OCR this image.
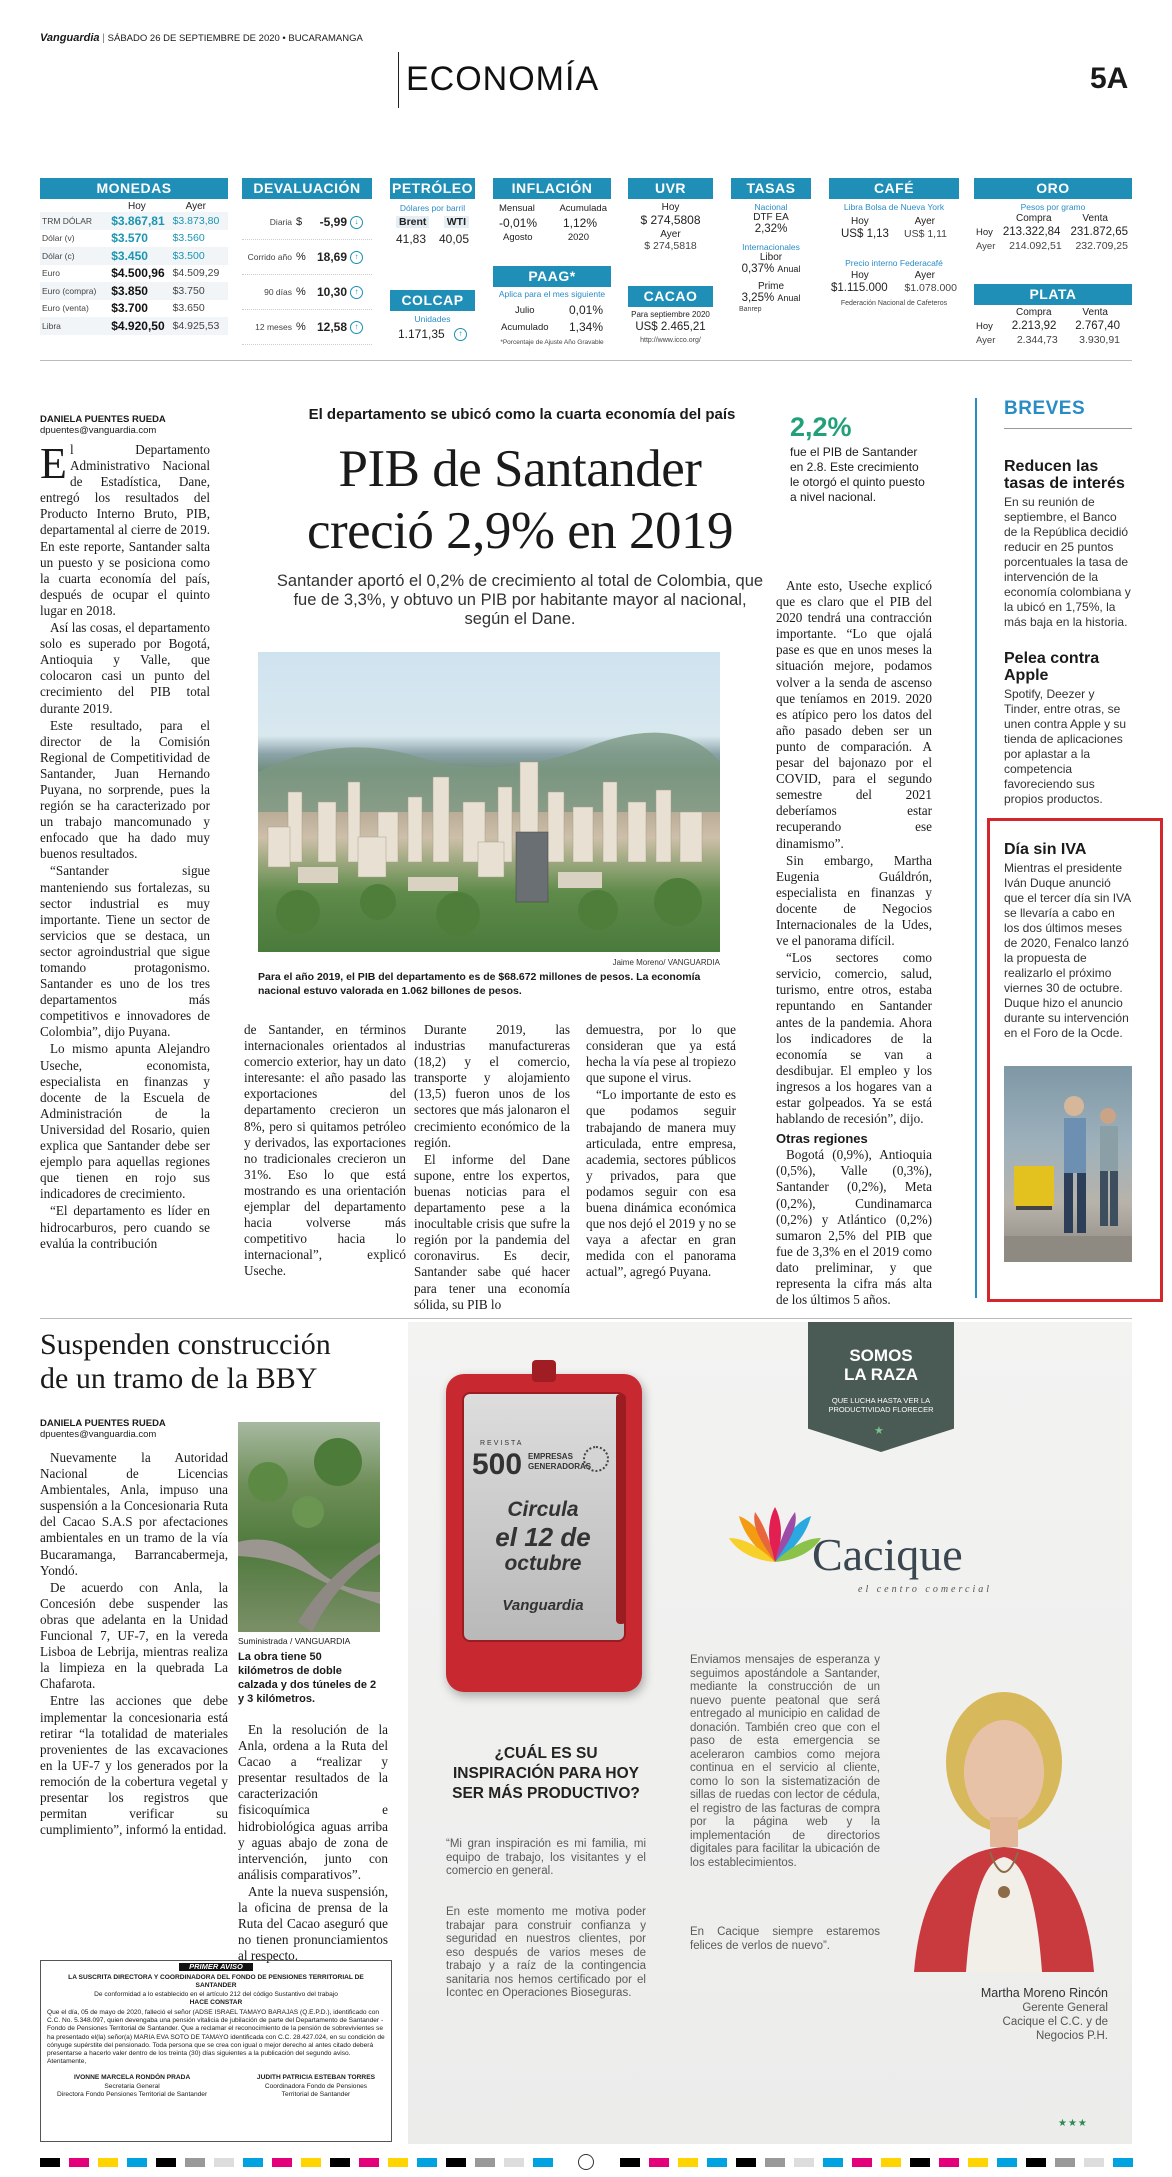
Vanguardia | SÁBADO 26 DE SEPTIEMBRE DE 2020 • BUCARAMANGA
ECONOMÍA	5A
MONEDAS
Hoy	Ayer
TRM DÓLAR	$3.867,81 $3.873,80
Dólar (v)	$3.570	$3.560
Dólar (c)	$3.450	$3.500
Euro	$4.500,96 $4.509,29
Euro (compra)	$3.850	$3.750
Euro (venta)	$3.700	$3.650
Libra	$4.920,50 $4.925,53
DEVALUACIÓN
Diaria $	-5,99 ↓
Corrido año % 18,69 ↑
90 días % 10,30 ↑
12 meses % 12,58 ↑
PETRÓLEO
Dólares por barril
Brent WTI
41,83 40,05
COLCAP
Unidades
1.171,35 ↑
INFLACIÓN
Mensual	Acumulada
-0,01% 1,12%
Agosto	2020
PAAG*
Aplica para el mes siguiente
Julio	0,01%
Acumulado 1,34%
*Porcentaje de Ajuste Año Gravable
UVR
Hoy
$ 274,5808
Ayer
$ 274,5818
CACAO
Para septiembre 2020
US$ 2.465,21
http://www.icco.org/
TASAS
Nacional
DTF EA
2,32%
Internacionales
Libor
0,37% Anual
Prime
3,25% Anual
Banrep
CAFÉ
Libra Bolsa de Nueva York
Hoy	Ayer
US$ 1,13 US$ 1,11
Precio interno Federacafé
Hoy	Ayer
$1.115.000 $1.078.000
Federación Nacional de Cafeteros
ORO
Pesos por gramo
Compra	Venta
Hoy 213.322,84 231.872,65
Ayer 214.092,51 232.709,25
PLATA
Compra	Venta
Hoy 2.213,92 2.767,40
Ayer 2.344,73 3.930,91
DANIELA PUENTES RUEDA
dpuentes@vanguardia.com
El departamento se ubicó como la cuarta economía del país
PIB de Santander
creció 2,9% en 2019
Santander aportó el 0,2% de crecimiento al total de Colombia, que fue de 3,3%, y obtuvo un PIB por habitante mayor al nacional, según el Dane.
2,2%
fue el PIB de Santander en 2.8. Este crecimiento le otorgó el quinto puesto a nivel nacional.
Jaime Moreno/ VANGUARDIA
Para el año 2019, el PIB del departamento es de $68.672 millones de pesos. La economía nacional estuvo valorada en 1.062 billones de pesos.
E l Departamento Administrativo Nacional de Estadística, Dane, entregó los resultados del Producto Interno Bruto, PIB, departamental al cierre de 2019. En este reporte, Santander salta un puesto y se posiciona como la cuarta economía del país, después de ocupar el quinto lugar en 2018.

Así las cosas, el departamento solo es superado por Bogotá, Antioquia y Valle, que colocaron casi un punto del crecimiento del PIB total durante 2019.

Este resultado, para el director de la Comisión Regional de Competitividad de Santander, Juan Hernando Puyana, no sorprende, pues la región se ha caracterizado por un trabajo mancomunado y enfocado que ha dado muy buenos resultados.

“Santander sigue manteniendo sus fortalezas, su sector industrial es muy importante. Tiene un sector de servicios que se destaca, un sector agroindustrial que sigue tomando protagonismo. Santander es uno de los tres departamentos más competitivos e innovadores de Colombia”, dijo Puyana.

Lo mismo apunta Alejandro Useche, economista, especialista en finanzas y docente de la Escuela de Administración de la Universidad del Rosario, quien explica que Santander debe ser ejemplo para aquellas regiones que tienen en rojo sus indicadores de crecimiento.

“El departamento es líder en hidrocarburos, pero cuando se evalúa la contribución

de Santander, en términos internacionales orientados al comercio exterior, hay un dato interesante: el año pasado las exportaciones del departamento crecieron un 8%, pero si quitamos petróleo y derivados, las exportaciones no tradicionales crecieron un 31%. Eso lo que está mostrando es una orientación ejemplar del departamento hacia volverse más competitivo hacia lo internacional”, explicó Useche.

Durante 2019, las industrias manufactureras (18,2) y el comercio, transporte y alojamiento (13,5) fueron unos de los sectores que más jalonaron el crecimiento económico de la región.

El informe del Dane supone, entre los expertos, buenas noticias para el departamento pese a la inocultable crisis que sufre la región por la pandemia del coronavirus. Es decir, Santander sabe qué hacer para tener una economía sólida, su PIB lo

demuestra, por lo que consideran que ya está hecha la vía pese al tropiezo que supone el virus.

“Lo importante de esto es que podamos seguir trabajando de manera muy articulada, entre empresa, academia, sectores públicos y privados, para que podamos seguir con esa buena dinámica económica que nos dejó el 2019 y no se vaya a afectar en gran medida con el panorama actual”, agregó Puyana.

Ante esto, Useche explicó que es claro que el PIB del 2020 tendrá una contracción importante. “Lo que ojalá pase es que en unos meses la situación mejore, podamos volver a la senda de ascenso que teníamos en 2019. 2020 es atípico pero los datos del año pasado deben ser un punto de comparación. A pesar del bajonazo por el COVID, para el segundo semestre del 2021 deberíamos estar recuperando ese dinamismo”.

Sin embargo, Martha Eugenia Guáldrón, especialista en finanzas y docente de Negocios Internacionales de la Udes, ve el panorama difícil.

“Los sectores como servicio, comercio, salud, turismo, entre otros, estaba repuntando en Santander antes de la pandemia. Ahora los indicadores de la economía se van a desdibujar. El empleo y los ingresos a los hogares van a estar golpeados. Ya se está hablando de recesión”, dijo.

Otras regiones

Bogotá (0,9%), Antioquia (0,5%), Valle (0,3%), Santander (0,2%), Meta (0,2%), Cundinamarca (0,2%) y Atlántico (0,2%) sumaron 2,5% del PIB que fue de 3,3% en el 2019 como dato preliminar, y que representa la cifra más alta de los últimos 5 años.

BREVES
Reducen las tasas de interés
En su reunión de septiembre, el Banco de la República decidió reducir en 25 puntos porcentuales la tasa de intervención de la economía colombiana y la ubicó en 1,75%, la más baja en la historia.
Pelea contra Apple
Spotify, Deezer y Tinder, entre otras, se unen contra Apple y su tienda de aplicaciones por aplastar a la competencia favoreciendo sus propios productos.
Día sin IVA
Mientras el presidente Iván Duque anunció que el tercer día sin IVA se llevaría a cabo en los dos últimos meses de 2020, Fenalco lanzó la propuesta de realizarlo el próximo viernes 30 de octubre. Duque hizo el anuncio durante su intervención en el Foro de la Ocde.
Suspenden construcción
de un tramo de la BBY
DANIELA PUENTES RUEDA
dpuentes@vanguardia.com

Nuevamente la Autoridad Nacional de Licencias Ambientales, Anla, impuso una suspensión a la Concesionaria Ruta del Cacao S.A.S por afectaciones ambientales en un tramo de la vía Bucaramanga, Barrancabermeja, Yondó.

De acuerdo con Anla, la Concesión debe suspender las obras que adelanta en la Unidad Funcional 7, UF-7, en la vereda Lisboa de Lebrija, mientras realiza la limpieza en la quebrada La Chafarota.

Entre las acciones que debe implementar la concesionaria está retirar “la totalidad de materiales provenientes de las excavaciones en la UF-7 y los generados por la remoción de la cobertura vegetal y presentar los registros que permitan verificar su cumplimiento”, informó la entidad.

Suministrada / VANGUARDIA
La obra tiene 50 kilómetros de doble calzada y dos túneles de 2 y 3 kilómetros.

En la resolución de la Anla, ordena a la Ruta del Cacao a “realizar y presentar resultados de la caracterización fisicoquímica e hidrobiológica aguas arriba y aguas abajo de zona de intervención, junto con análisis comparativos”.

Ante la nueva suspensión, la oficina de prensa de la Ruta del Cacao aseguró que no tienen pronunciamientos al respecto.

PRIMER AVISO
LA SUSCRITA DIRECTORA Y COORDINADORA DEL FONDO DE PENSIONES TERRITORIAL DE SANTANDER
De conformidad a lo establecido en el artículo 212 del código Sustantivo del trabajo
HACE CONSTAR
Que el día, 05 de mayo de 2020, falleció el señor (ADSE ISRAEL TAMAYO BARAJAS (Q.E.P.D.), identificado con C.C. No. 5.348.097, quien devengaba una pensión vitalicia de jubilación de parte del Departamento de Santander - Fondo de Pensiones Territorial de Santander. Que a reclamar el reconocimiento de la pensión de sobrevivientes se ha presentado el(la) señor(a) MARIA EVA SOTO DE TAMAYO identificada con C.C. 28.427.024, en su condición de cónyuge supérstite del pensionado. Toda persona que se crea con igual o mejor derecho al antes citado deberá presentarse a hacerlo valer dentro de los treinta (30) días siguientes a la publicación del segundo aviso. Atentamente,
IVONNE MARCELA RONDÓN PRADA
Secretaria General
Directora Fondo Pensiones Territorial de Santander
JUDITH PATRICIA ESTEBAN TORRES
Coordinadora Fondo de Pensiones
Territorial de Santander
REVISTA
500 EMPRESAS
GENERADORAS
Circula
el 12 de
octubre
Vanguardia
SOMOS
LA RAZA
QUE LUCHA HASTA VER LA PRODUCTIVIDAD FLORECER
★
Cacique
el centro comercial
¿CUÁL ES SU INSPIRACIÓN PARA HOY SER MÁS PRODUCTIVO?
“Mi gran inspiración es mi familia, mi equipo de trabajo, los visitantes y el comercio en general.
En este momento me motiva poder trabajar para construir confianza y seguridad en nuestros clientes, por eso después de varios meses de trabajo y a raíz de la contingencia sanitaria nos hemos certificado por el Icontec en Operaciones Bioseguras.
Enviamos mensajes de esperanza y seguimos apostándole a Santander, mediante la construcción de un nuevo puente peatonal que será entregado al municipio en calidad de donación. También creo que con el paso de esta emergencia se aceleraron cambios como mejora continua en el servicio al cliente, como lo son la sistematización de sillas de ruedas con lector de cédula, el registro de las facturas de compra por la página web y la implementación de directorios digitales para facilitar la ubicación de los establecimientos.
En Cacique siempre estaremos felices de verlos de nuevo”.
Martha Moreno Rincón
Gerente General
Cacique el C.C. y de
Negocios P.H.
★★★
